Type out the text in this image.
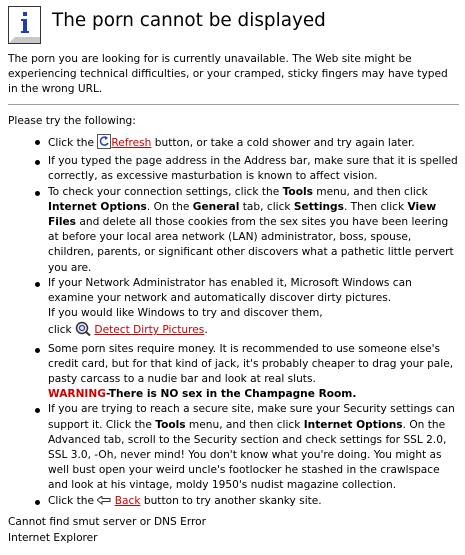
The porn cannot be displayed

The porn you are looking for is currently unavailable. The Web site might be experiencing technical difficulties, or your cramped, sticky fingers may have typed in the wrong URL.

Please try the following:

Click the Refresh button, or take a cold shower and try again later.
If you typed the page address in the Address bar, make sure that it is spelled correctly, as excessive masturbation is known to affect vision.
To check your connection settings, click the Tools menu, and then click Internet Options. On the General tab, click Settings. Then click View Files and delete all those cookies from the sex sites you have been leering at before your local area network (LAN) administrator, boss, spouse, children, parents, or significant other discovers what a pathetic little pervert you are.
If your Network Administrator has enabled it, Microsoft Windows can examine your network and automatically discover dirty pictures.
If you would like Windows to try and discover them,
click  Detect Dirty Pictures.
Some porn sites require money. It is recommended to use someone else's credit card, but for that kind of jack, it's probably cheaper to drag your pale, pasty carcass to a nudie bar and look at real sluts.
WARNING-There is NO sex in the Champagne Room.
If you are trying to reach a secure site, make sure your Security settings can support it. Click the Tools menu, and then click Internet Options. On the Advanced tab, scroll to the Security section and check settings for SSL 2.0, SSL 3.0, -Oh, never mind! You don't know what you're doing. You might as well bust open your weird uncle's footlocker he stashed in the crawlspace and look at his vintage, moldy 1950's nudist magazine collection.
Click the  Back button to try another skanky site.
Cannot find smut server or DNS Error
Internet Explorer
